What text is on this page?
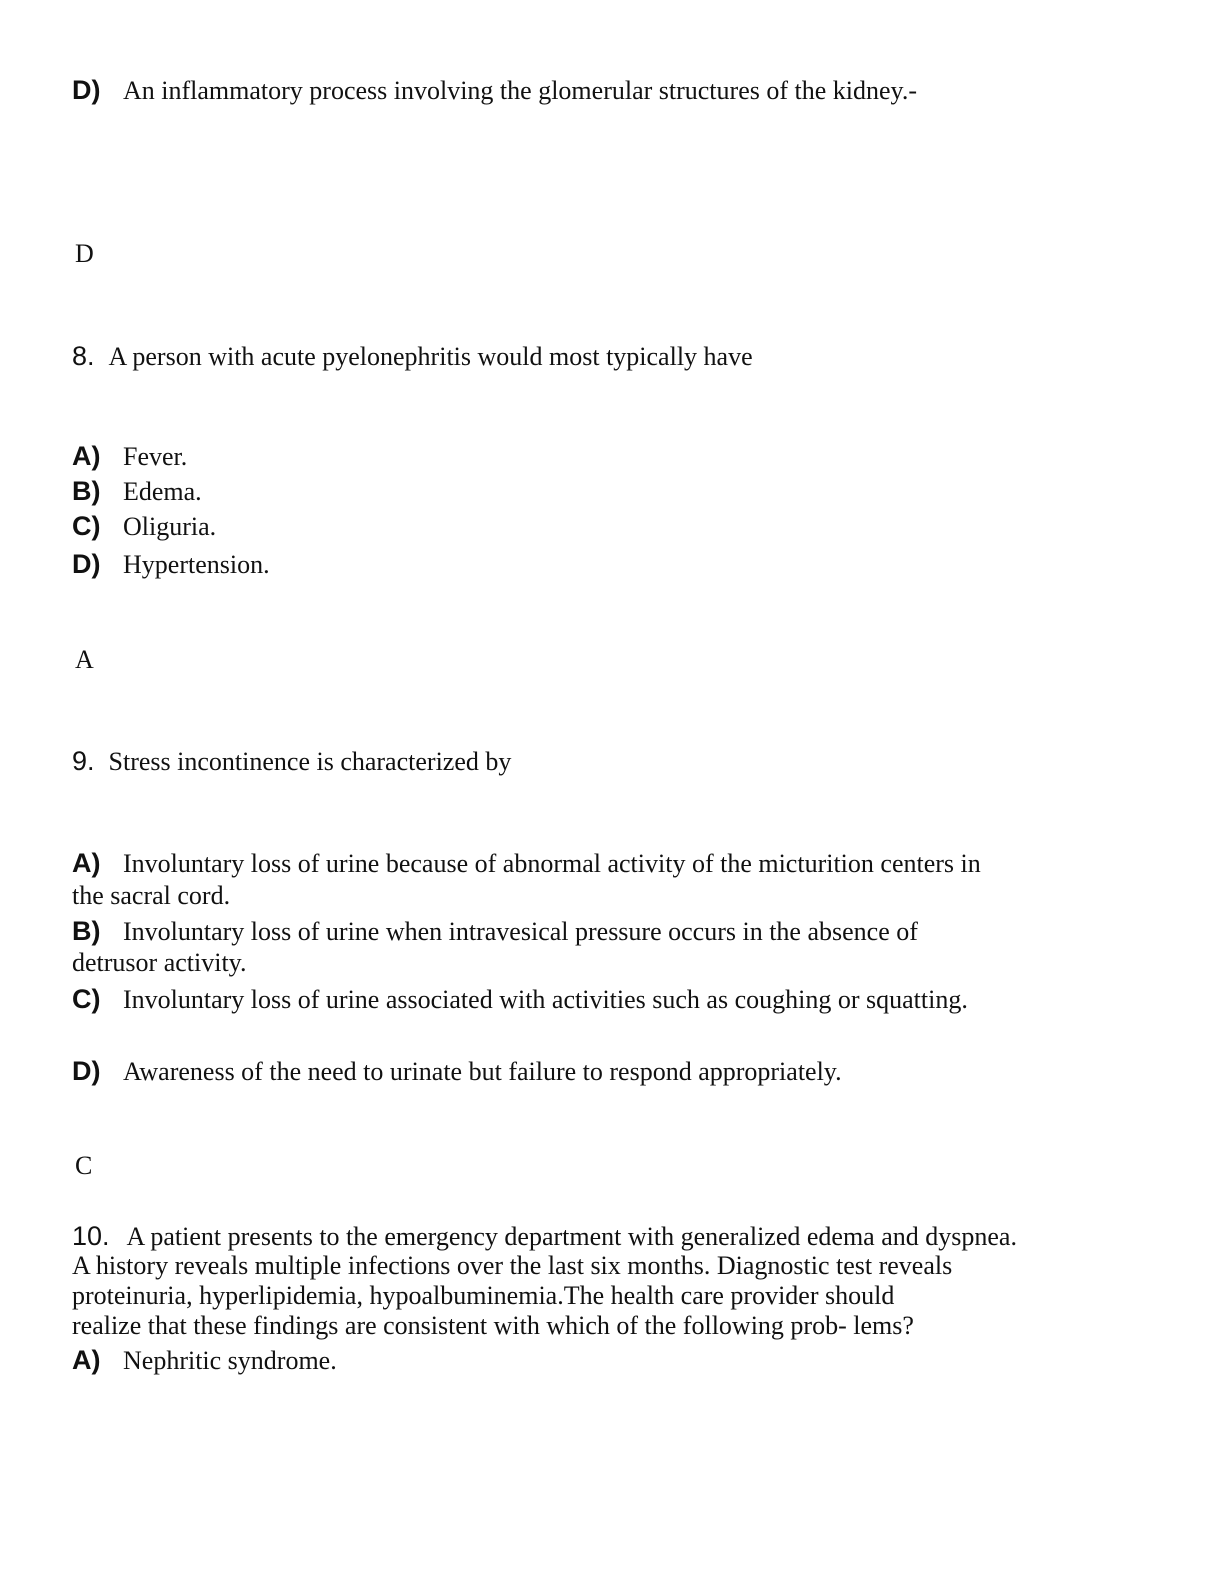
D) An inflammatory process involving the glomerular structures of the kidney.-
D
8. A person with acute pyelonephritis would most typically have
A) Fever.
B) Edema.
C) Oliguria.
D) Hypertension.
A
9. Stress incontinence is characterized by
A) Involuntary loss of urine because of abnormal activity of the micturition centers in
the sacral cord.
B) Involuntary loss of urine when intravesical pressure occurs in the absence of
detrusor activity.
C) Involuntary loss of urine associated with activities such as coughing or squatting.
D) Awareness of the need to urinate but failure to respond appropriately.
C
10. A patient presents to the emergency department with generalized edema and dyspnea.
A history reveals multiple infections over the last six months. Diagnostic test reveals
proteinuria, hyperlipidemia, hypoalbuminemia.The health care provider should
realize that these findings are consistent with which of the following prob- lems?
A) Nephritic syndrome.
